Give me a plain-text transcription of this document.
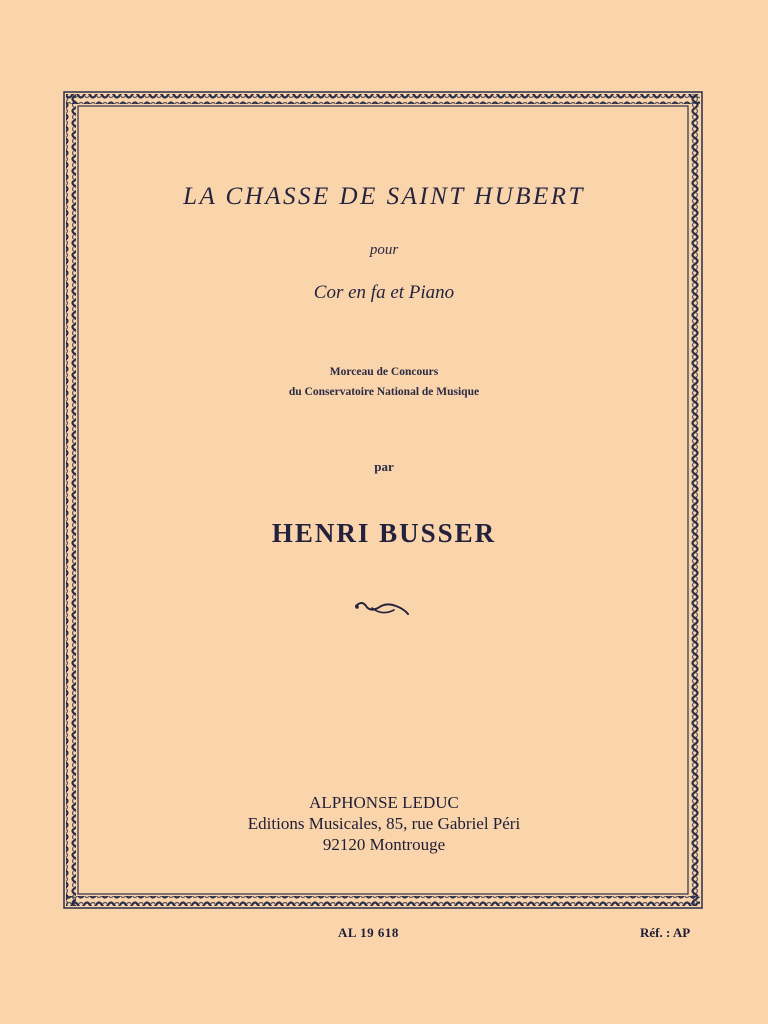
LA CHASSE DE SAINT HUBERT
pour
Cor en fa et Piano
Morceau de Concours
du Conservatoire National de Musique
par
HENRI BUSSER
ALPHONSE LEDUC
Editions Musicales, 85, rue Gabriel Péri
92120 Montrouge
AL 19 618	Réf. : AP
